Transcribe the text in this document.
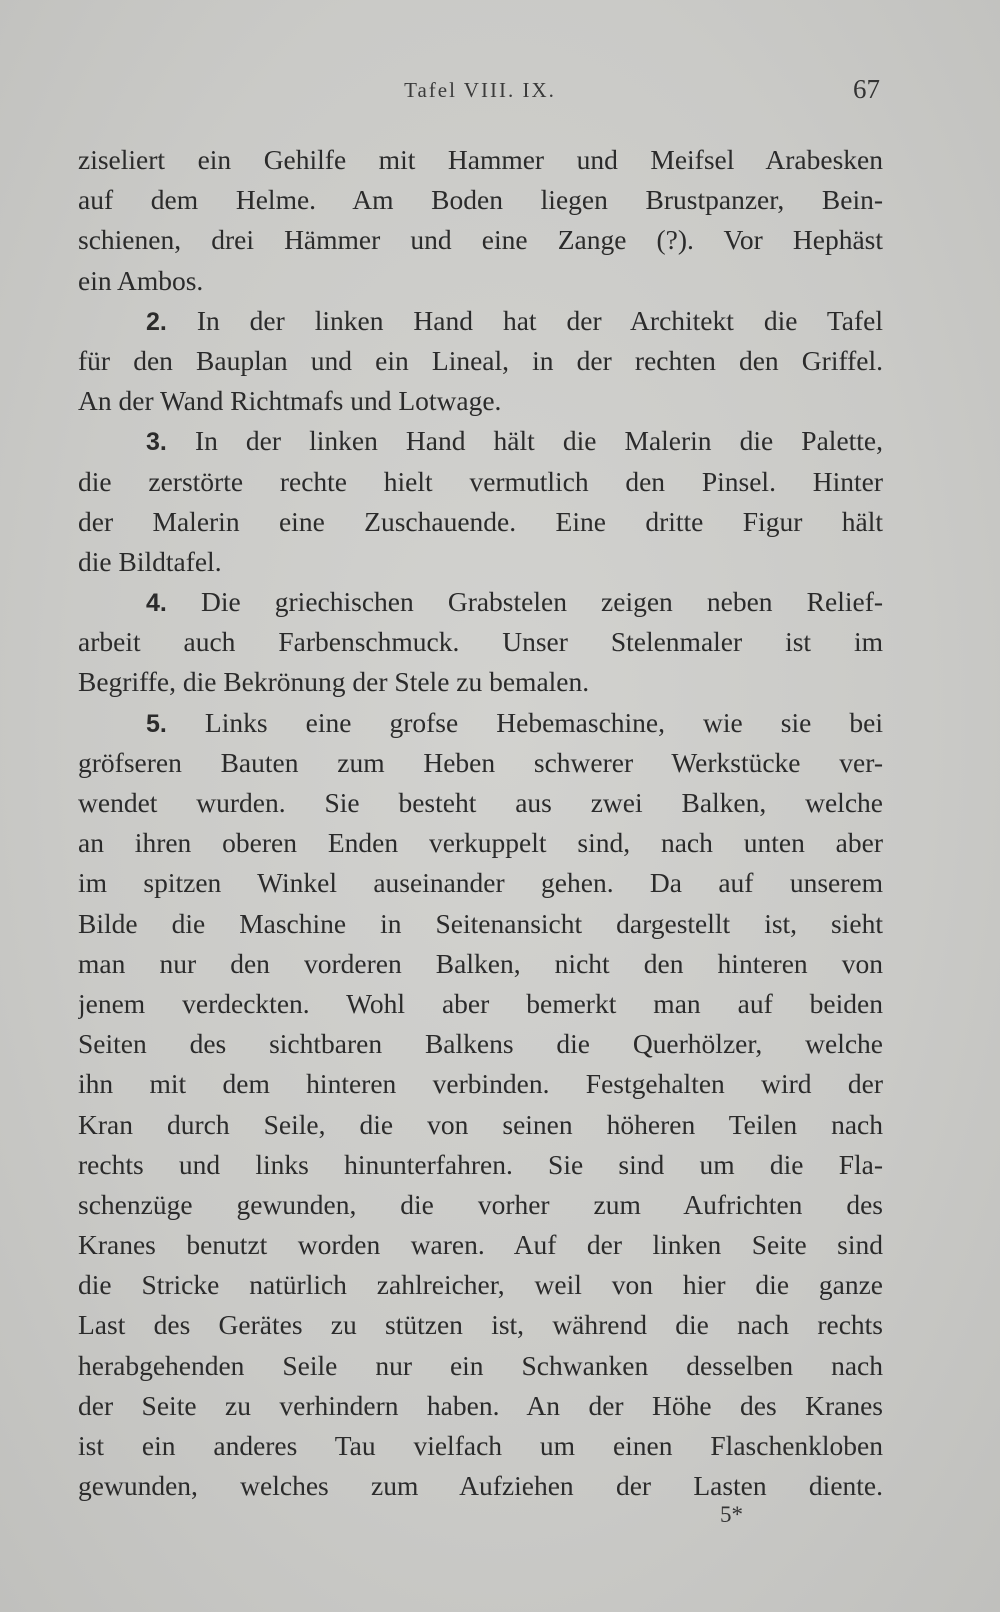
Tafel VIII. IX.	67
ziseliert ein Gehilfe mit Hammer und Meifsel Arabesken
auf dem Helme. Am Boden liegen Brustpanzer, Bein-
schienen, drei Hämmer und eine Zange (?). Vor Hephäst
ein Ambos.
2. In der linken Hand hat der Architekt die Tafel
für den Bauplan und ein Lineal, in der rechten den Griffel.
An der Wand Richtmafs und Lotwage.
3. In der linken Hand hält die Malerin die Palette,
die zerstörte rechte hielt vermutlich den Pinsel. Hinter
der Malerin eine Zuschauende. Eine dritte Figur hält
die Bildtafel.
4. Die griechischen Grabstelen zeigen neben Relief-
arbeit auch Farbenschmuck. Unser Stelenmaler ist im
Begriffe, die Bekrönung der Stele zu bemalen.
5. Links eine grofse Hebemaschine, wie sie bei
gröfseren Bauten zum Heben schwerer Werkstücke ver-
wendet wurden. Sie besteht aus zwei Balken, welche
an ihren oberen Enden verkuppelt sind, nach unten aber
im spitzen Winkel auseinander gehen. Da auf unserem
Bilde die Maschine in Seitenansicht dargestellt ist, sieht
man nur den vorderen Balken, nicht den hinteren von
jenem verdeckten. Wohl aber bemerkt man auf beiden
Seiten des sichtbaren Balkens die Querhölzer, welche
ihn mit dem hinteren verbinden. Festgehalten wird der
Kran durch Seile, die von seinen höheren Teilen nach
rechts und links hinunterfahren. Sie sind um die Fla-
schenzüge gewunden, die vorher zum Aufrichten des
Kranes benutzt worden waren. Auf der linken Seite sind
die Stricke natürlich zahlreicher, weil von hier die ganze
Last des Gerätes zu stützen ist, während die nach rechts
herabgehenden Seile nur ein Schwanken desselben nach
der Seite zu verhindern haben. An der Höhe des Kranes
ist ein anderes Tau vielfach um einen Flaschenkloben
gewunden, welches zum Aufziehen der Lasten diente.
5*
